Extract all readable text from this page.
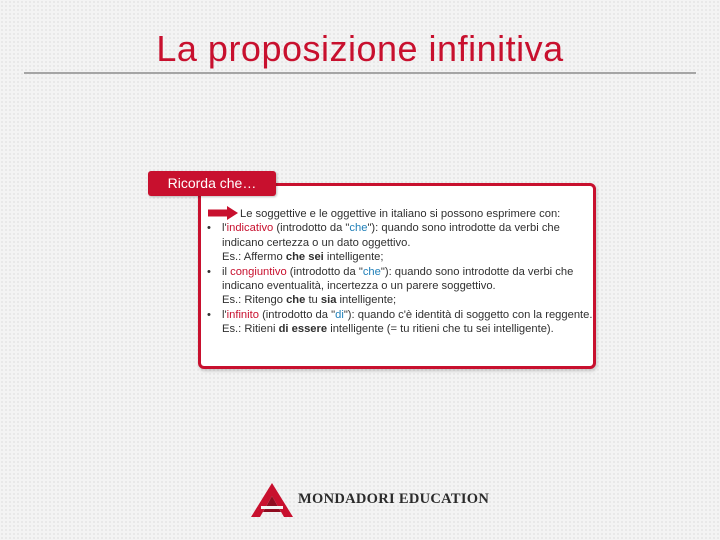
La proposizione infinitiva
Ricorda che…
Le soggettive e le oggettive in italiano si possono esprimere con:
• l'indicativo (introdotto da "che"): quando sono introdotte da verbi che indicano certezza o un dato oggettivo.
Es.: Affermo che sei intelligente;
• il congiuntivo (introdotto da "che"): quando sono introdotte da verbi che indicano eventualità, incertezza o un parere soggettivo.
Es.: Ritengo che tu sia intelligente;
• l'infinito (introdotto da "di"): quando c'è identità di soggetto con la reggente.
Es.: Ritieni di essere intelligente (= tu ritieni che tu sei intelligente).
MONDADORI EDUCATION
